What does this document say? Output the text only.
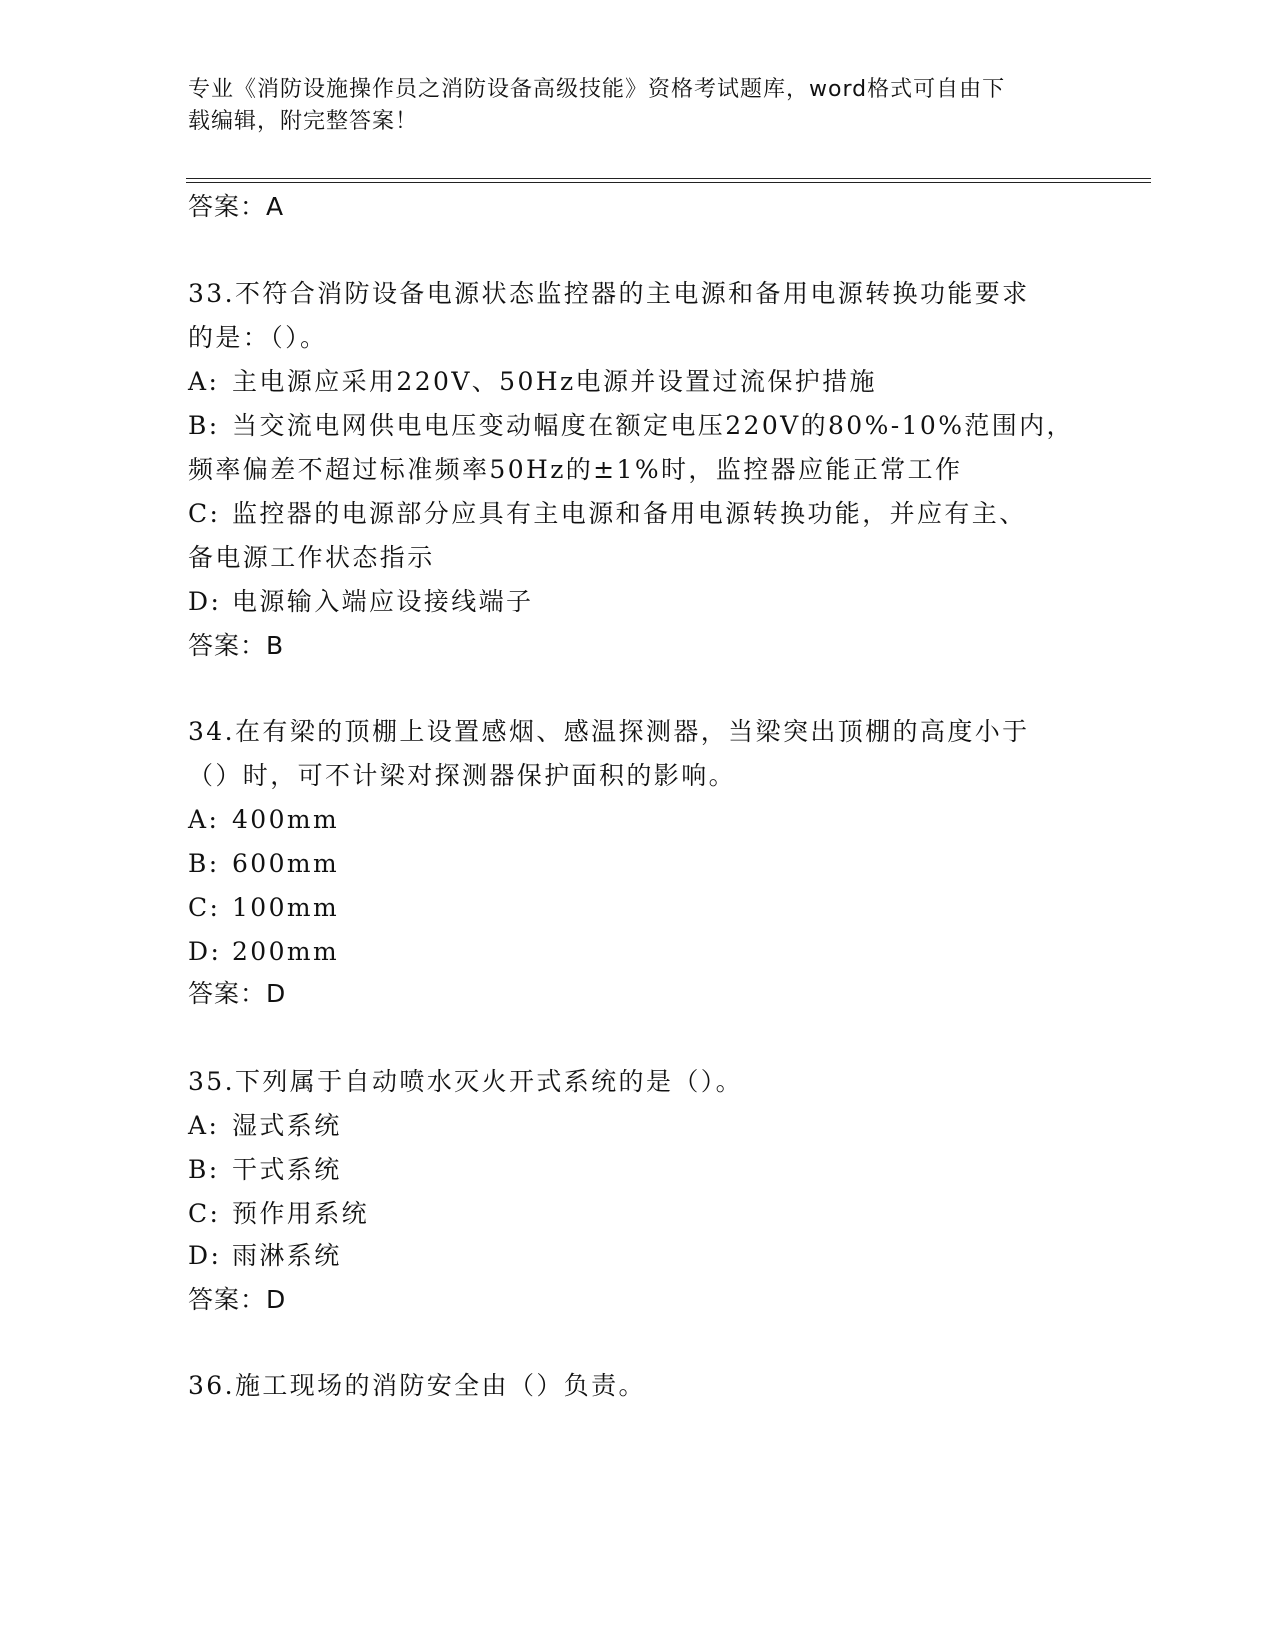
专业《消防设施操作员之消防设备高级技能》资格考试题库，word格式可自由下
载编辑，附完整答案！
答案：A
33.不符合消防设备电源状态监控器的主电源和备用电源转换功能要求
的是：（）。
A: 主电源应采用220V、50Hz电源并设置过流保护措施
B: 当交流电网供电电压变动幅度在额定电压220V的80%-10%范围内，
频率偏差不超过标准频率50Hz的±1%时，监控器应能正常工作
C: 监控器的电源部分应具有主电源和备用电源转换功能，并应有主、
备电源工作状态指示
D: 电源输入端应设接线端子
答案：B
34.在有梁的顶棚上设置感烟、感温探测器，当梁突出顶棚的高度小于
（）时，可不计梁对探测器保护面积的影响。
A: 400mm
B: 600mm
C: 100mm
D: 200mm
答案：D
35.下列属于自动喷水灭火开式系统的是（）。
A: 湿式系统
B: 干式系统
C: 预作用系统
D: 雨淋系统
答案：D
36.施工现场的消防安全由（）负责。
